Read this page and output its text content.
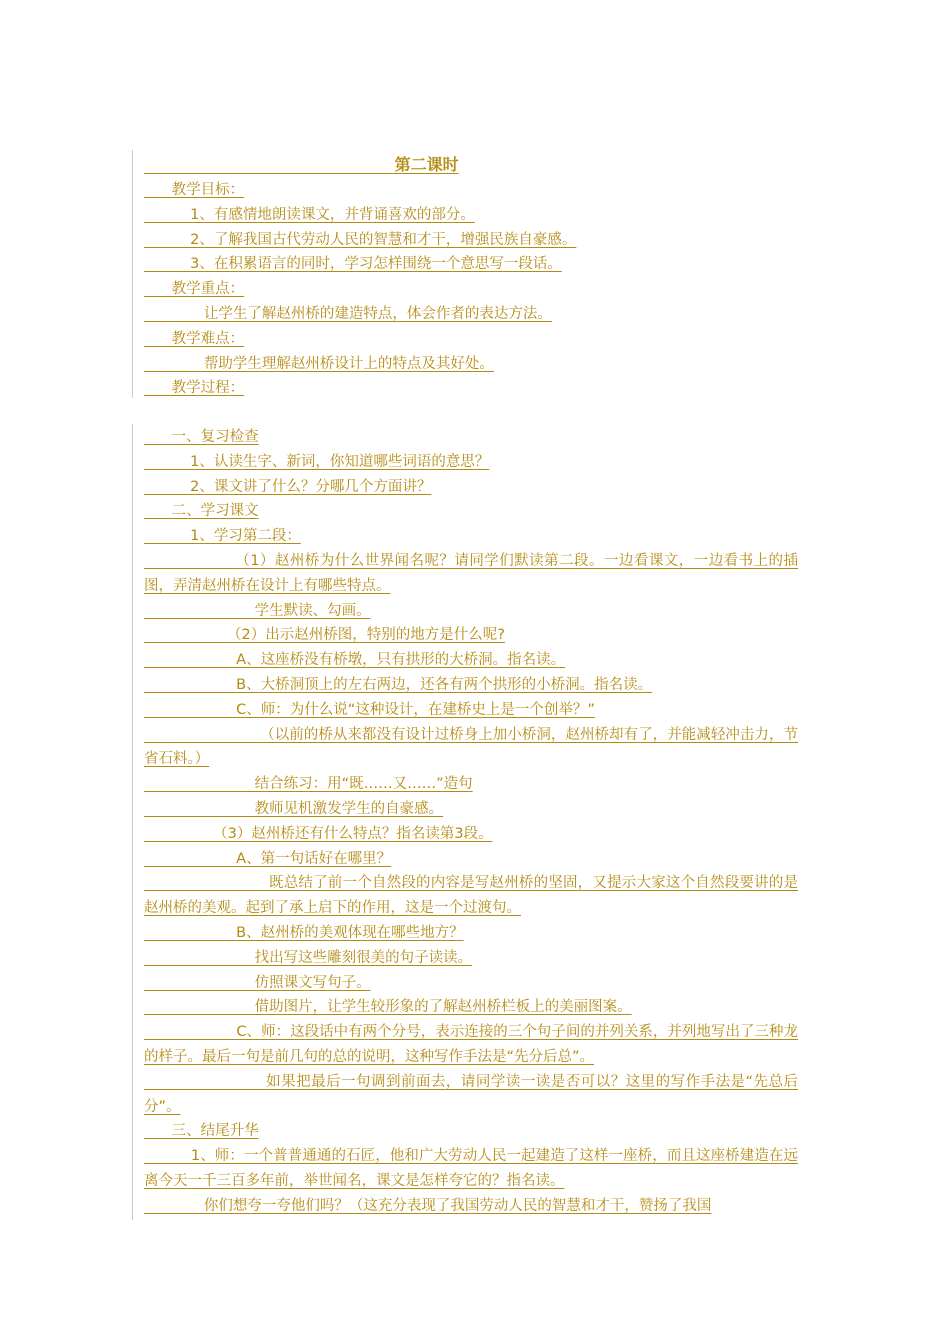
第二课时
教学目标：
1、有感情地朗读课文，并背诵喜欢的部分。
2、了解我国古代劳动人民的智慧和才干，增强民族自豪感。
3、在积累语言的同时，学习怎样围绕一个意思写一段话。
教学重点：
让学生了解赵州桥的建造特点，体会作者的表达方法。
教学难点：
帮助学生理解赵州桥设计上的特点及其好处。
教学过程：
一、复习检查
1、认读生字、新词，你知道哪些词语的意思？
2、课文讲了什么？分哪几个方面讲？
二、学习课文
1、学习第二段：
（1）赵州桥为什么世界闻名呢？请同学们默读第二段。一边看课文，一边看书上的插图，弄清赵州桥在设计上有哪些特点。
学生默读、勾画。
（2）出示赵州桥图，特别的地方是什么呢?
A、这座桥没有桥墩，只有拱形的大桥洞。指名读。
B、大桥洞顶上的左右两边，还各有两个拱形的小桥洞。指名读。
C、师：为什么说“这种设计，在建桥史上是一个创举？”
（以前的桥从来都没有设计过桥身上加小桥洞，赵州桥却有了，并能减轻冲击力，节省石料。）
结合练习：用“既……又……”造句
教师见机激发学生的自豪感。
（3）赵州桥还有什么特点？指名读第3段。
A、第一句话好在哪里？
既总结了前一个自然段的内容是写赵州桥的坚固，又提示大家这个自然段要讲的是赵州桥的美观。起到了承上启下的作用，这是一个过渡句。
B、赵州桥的美观体现在哪些地方？
找出写这些雕刻很美的句子读读。
仿照课文写句子。
借助图片，让学生较形象的了解赵州桥栏板上的美丽图案。
C、师：这段话中有两个分号，表示连接的三个句子间的并列关系，并列地写出了三种龙的样子。最后一句是前几句的总的说明，这种写作手法是“先分后总”。
如果把最后一句调到前面去，请同学读一读是否可以？这里的写作手法是“先总后分”。
三、结尾升华
1、师：一个普普通通的石匠，他和广大劳动人民一起建造了这样一座桥，而且这座桥建造在远离今天一千三百多年前，举世闻名，课文是怎样夸它的？指名读。
你们想夸一夸他们吗？（这充分表现了我国劳动人民的智慧和才干，赞扬了我国
